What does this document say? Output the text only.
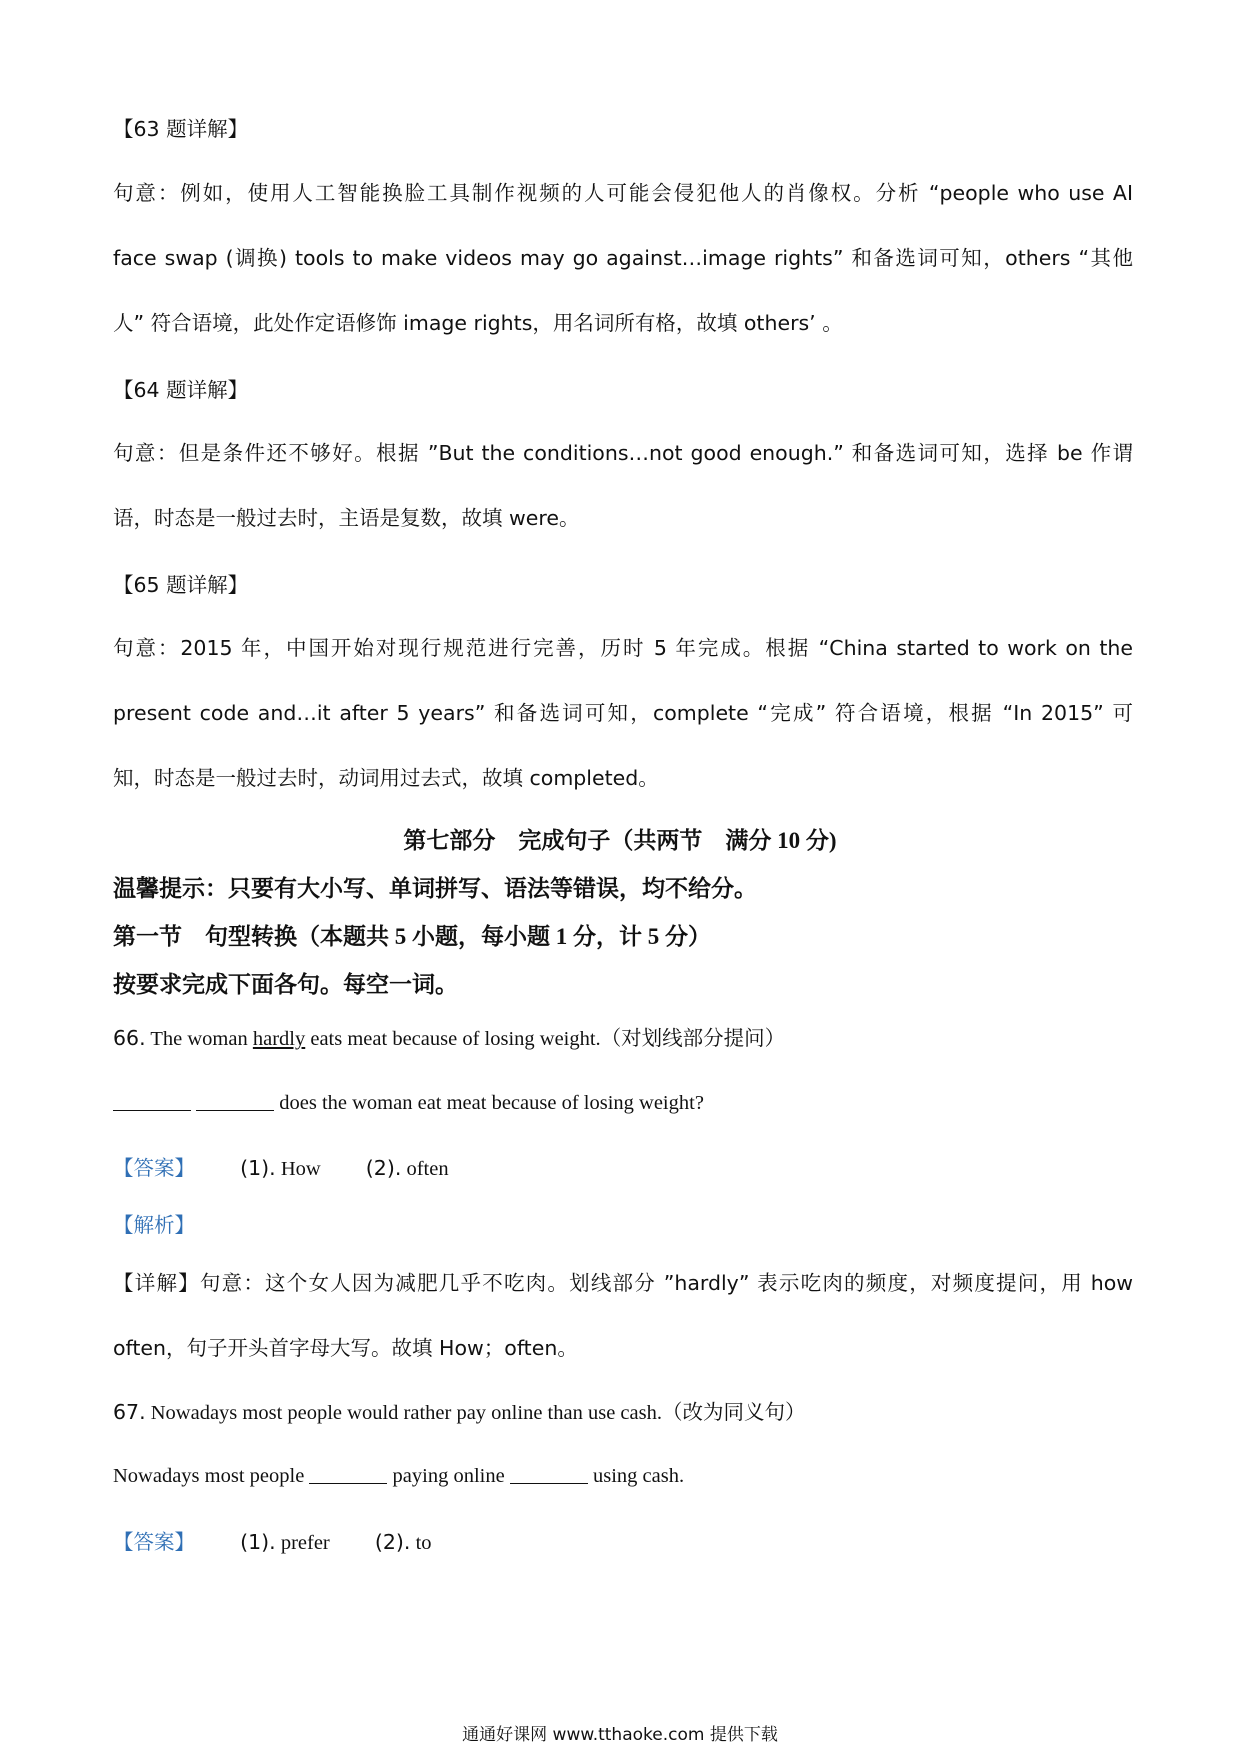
【63 题详解】
句意：例如，使用人工智能换脸工具制作视频的人可能会侵犯他人的肖像权。分析 “people who use AI
face swap (调换) tools to make videos may go against…image rights” 和备选词可知，others “其他
人” 符合语境，此处作定语修饰 image rights，用名词所有格，故填 others’ 。
【64 题详解】
句意：但是条件还不够好。根据 ”But the conditions…not good enough.” 和备选词可知，选择 be 作谓
语，时态是一般过去时，主语是复数，故填 were。
【65 题详解】
句意：2015 年，中国开始对现行规范进行完善，历时 5 年完成。根据 “China started to work on the
present code and…it after 5 years” 和备选词可知，complete “完成” 符合语境，根据 “In 2015” 可
知，时态是一般过去时，动词用过去式，故填 completed。
第七部分　完成句子（共两节　满分 10 分)
温馨提示：只要有大小写、单词拼写、语法等错误，均不给分。
第一节　句型转换（本题共 5 小题，每小题 1 分，计 5 分）
按要求完成下面各句。每空一词。
66. The woman hardly eats meat because of losing weight.（对划线部分提问）
does the woman eat meat because of losing weight?
【答案】 (1). How (2). often
【解析】
【详解】句意：这个女人因为减肥几乎不吃肉。划线部分 ”hardly” 表示吃肉的频度，对频度提问，用 how
often，句子开头首字母大写。故填 How；often。
67. Nowadays most people would rather pay online than use cash.（改为同义句）
Nowadays most people	paying online	using cash.
【答案】 (1). prefer (2). to
通通好课网 www.tthaoke.com 提供下载
